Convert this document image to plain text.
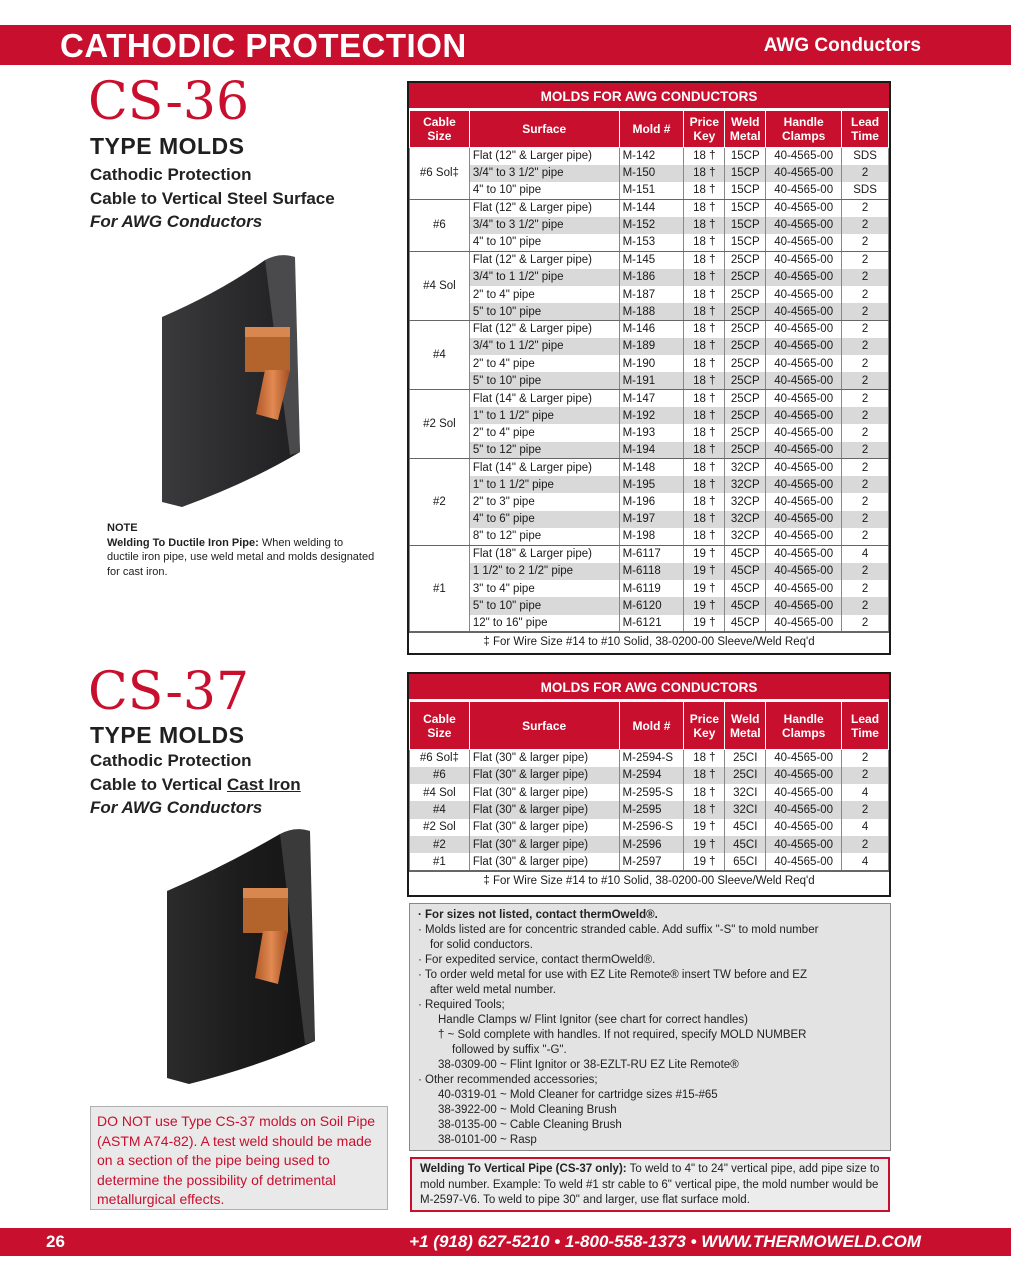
CATHODIC PROTECTION	AWG Conductors
CS-36
TYPE MOLDS
Cathodic Protection
Cable to Vertical Steel Surface
For AWG Conductors
NOTE
Welding To Ductile Iron Pipe: When welding to ductile iron pipe, use weld metal and molds designated for cast iron.
MOLDS FOR AWG CONDUCTORS
Cable Size	Surface	Mold #	Price Key	Weld Metal	Handle Clamps	Lead Time
#6 Sol‡	Flat (12" & Larger pipe)	M-142	18 †	15CP	40-4565-00	SDS
	3/4" to 3 1/2" pipe	M-150	18 †	15CP	40-4565-00	2
	4" to 10" pipe	M-151	18 †	15CP	40-4565-00	SDS
#6	Flat (12" & Larger pipe)	M-144	18 †	15CP	40-4565-00	2
	3/4" to 3 1/2" pipe	M-152	18 †	15CP	40-4565-00	2
	4" to 10" pipe	M-153	18 †	15CP	40-4565-00	2
#4 Sol	Flat (12" & Larger pipe)	M-145	18 †	25CP	40-4565-00	2
	3/4" to 1 1/2" pipe	M-186	18 †	25CP	40-4565-00	2
	2" to 4" pipe	M-187	18 †	25CP	40-4565-00	2
	5" to 10" pipe	M-188	18 †	25CP	40-4565-00	2
#4	Flat (12" & Larger pipe)	M-146	18 †	25CP	40-4565-00	2
	3/4" to 1 1/2" pipe	M-189	18 †	25CP	40-4565-00	2
	2" to 4" pipe	M-190	18 †	25CP	40-4565-00	2
	5" to 10" pipe	M-191	18 †	25CP	40-4565-00	2
#2 Sol	Flat (14" & Larger pipe)	M-147	18 †	25CP	40-4565-00	2
	1" to 1 1/2" pipe	M-192	18 †	25CP	40-4565-00	2
	2" to 4" pipe	M-193	18 †	25CP	40-4565-00	2
	5" to 12" pipe	M-194	18 †	25CP	40-4565-00	2
#2	Flat (14" & Larger pipe)	M-148	18 †	32CP	40-4565-00	2
	1" to 1 1/2" pipe	M-195	18 †	32CP	40-4565-00	2
	2" to 3" pipe	M-196	18 †	32CP	40-4565-00	2
	4" to 6" pipe	M-197	18 †	32CP	40-4565-00	2
	8" to 12" pipe	M-198	18 †	32CP	40-4565-00	2
#1	Flat (18" & Larger pipe)	M-6117	19 †	45CP	40-4565-00	4
	1 1/2" to 2 1/2" pipe	M-6118	19 †	45CP	40-4565-00	2
	3" to 4" pipe	M-6119	19 †	45CP	40-4565-00	2
	5" to 10" pipe	M-6120	19 †	45CP	40-4565-00	2
	12" to 16" pipe	M-6121	19 †	45CP	40-4565-00	2
‡ For Wire Size #14 to #10 Solid, 38-0200-00 Sleeve/Weld Req'd
CS-37
TYPE MOLDS
Cathodic Protection
Cable to Vertical Cast Iron
For AWG Conductors
DO NOT use Type CS-37 molds on Soil Pipe (ASTM A74-82). A test weld should be made on a section of the pipe being used to determine the possibility of detrimental metallurgical effects.
MOLDS FOR AWG CONDUCTORS
Cable Size	Surface	Mold #	Price Key	Weld Metal	Handle Clamps	Lead Time
#6 Sol‡	Flat (30" & larger pipe)	M-2594-S	18 †	25CI	40-4565-00	2
#6	Flat (30" & larger pipe)	M-2594	18 †	25CI	40-4565-00	2
#4 Sol	Flat (30" & larger pipe)	M-2595-S	18 †	32CI	40-4565-00	4
#4	Flat (30" & larger pipe)	M-2595	18 †	32CI	40-4565-00	2
#2 Sol	Flat (30" & larger pipe)	M-2596-S	19 †	45CI	40-4565-00	4
#2	Flat (30" & larger pipe)	M-2596	19 †	45CI	40-4565-00	2
#1	Flat (30" & larger pipe)	M-2597	19 †	65CI	40-4565-00	4
‡ For Wire Size #14 to #10 Solid, 38-0200-00 Sleeve/Weld Req'd
· For sizes not listed, contact thermOweld®.
· Molds listed are for concentric stranded cable. Add suffix "-S" to mold number
for solid conductors.
· For expedited service, contact thermOweld®.
· To order weld metal for use with EZ Lite Remote® insert TW before and EZ
after weld metal number.
· Required Tools;
Handle Clamps w/ Flint Ignitor (see chart for correct handles)
† ~ Sold complete with handles. If not required, specify MOLD NUMBER
followed by suffix "-G".
38-0309-00 ~ Flint Ignitor or 38-EZLT-RU EZ Lite Remote®
· Other recommended accessories;
40-0319-01 ~ Mold Cleaner for cartridge sizes #15-#65
38-3922-00 ~ Mold Cleaning Brush
38-0135-00 ~ Cable Cleaning Brush
38-0101-00 ~ Rasp
Welding To Vertical Pipe (CS-37 only): To weld to 4" to 24" vertical pipe, add pipe size to mold number. Example: To weld #1 str cable to 6" vertical pipe, the mold number would be M-2597-V6. To weld to pipe 30" and larger, use flat surface mold.
26	+1 (918) 627-5210 • 1-800-558-1373 • WWW.THERMOWELD.COM
